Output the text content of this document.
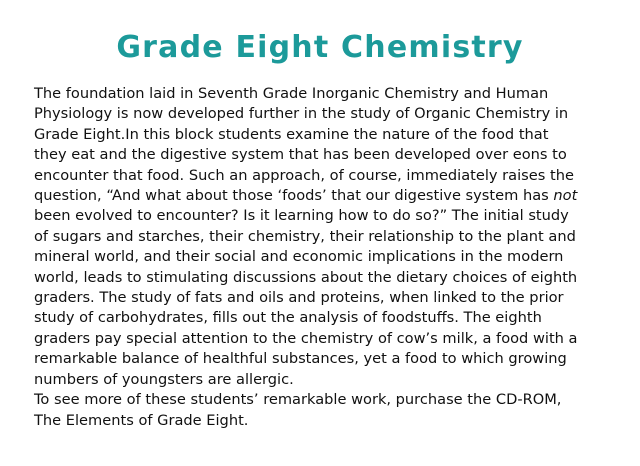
Grade Eight Chemistry
The foundation laid in Seventh Grade Inorganic Chemistry and Human
Physiology is now developed further in the study of Organic Chemistry in
Grade Eight.In this block students examine the nature of the food that
they eat and the digestive system that has been developed over eons to
encounter that food. Such an approach, of course, immediately raises the
question, “And what about those ‘foods’ that our digestive system has not
been evolved to encounter? Is it learning how to do so?” The initial study
of sugars and starches, their chemistry, their relationship to the plant and
mineral world, and their social and economic implications in the modern
world, leads to stimulating discussions about the dietary choices of eighth
graders. The study of fats and oils and proteins, when linked to the prior
study of carbohydrates, fills out the analysis of foodstuffs. The eighth
graders pay special attention to the chemistry of cow’s milk, a food with a
remarkable balance of healthful substances, yet a food to which growing
numbers of youngsters are allergic.
To see more of these students’ remarkable work, purchase the CD-ROM,
The Elements of Grade Eight.
